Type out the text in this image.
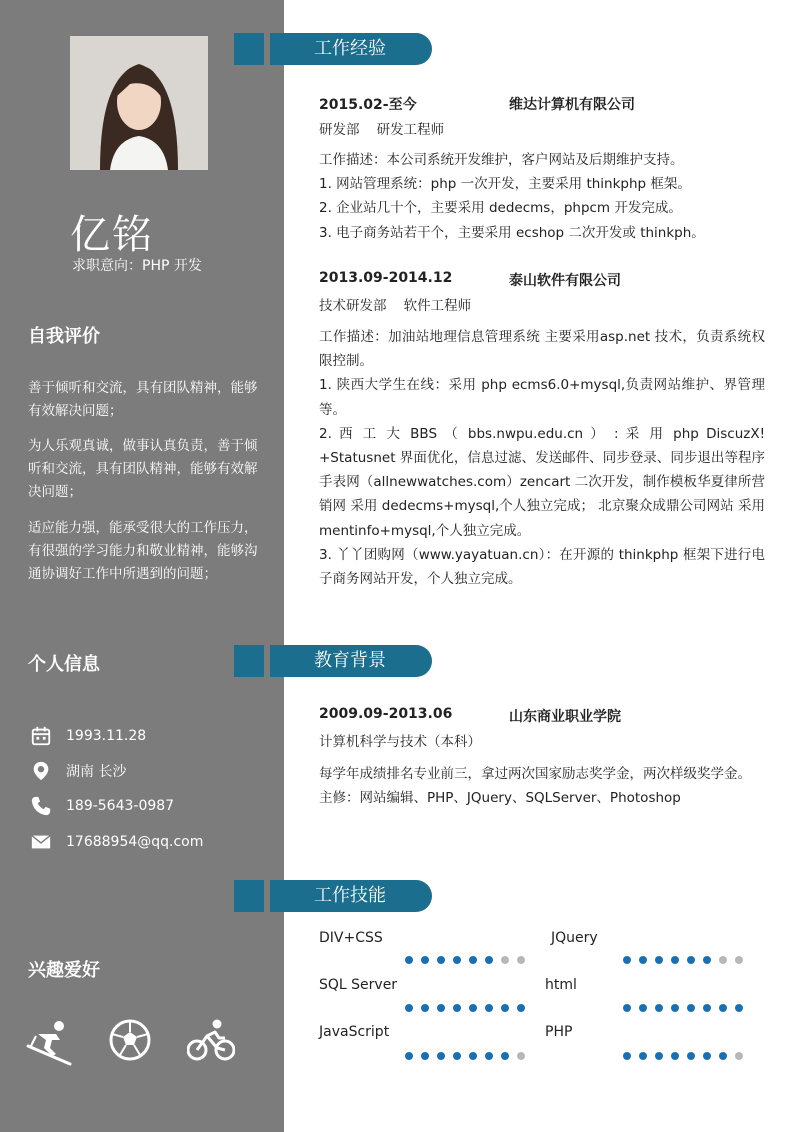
亿铭
求职意向：PHP 开发
自我评价
善于倾听和交流，具有团队精神，能够有效解决问题；
为人乐观真诚，做事认真负责，善于倾听和交流，具有团队精神，能够有效解决问题；
适应能力强，能承受很大的工作压力，有很强的学习能力和敬业精神，能够沟通协调好工作中所遇到的问题；
个人信息
1993.11.28
湖南 长沙
189-5643-0987
17688954@qq.com
兴趣爱好
工作经验
2015.02-至今	维达计算机有限公司
研发部    研发工程师

工作描述：本公司系统开发维护，客户网站及后期维护支持。

1. 网站管理系统：php 一次开发，主要采用 thinkphp 框架。

2. 企业站几十个，主要采用 dedecms，phpcm 开发完成。

3. 电子商务站若干个，主要采用 ecshop 二次开发或 thinkph。

2013.09-2014.12	泰山软件有限公司
技术研发部    软件工程师

工作描述：加油站地理信息管理系统 主要采用asp.net 技术，负责系统权限控制。

1. 陕西大学生在线：采用 php ecms6.0+mysql,负责网站维护、界管理等。

2. 西 工 大 BBS （ bbs.nwpu.edu.cn ） : 采 用 php DiscuzX! +Statusnet 界面优化，信息过滤、发送邮件、同步登录、同步退出等程序手表网（allnewwatches.com）zencart 二次开发，制作模板华夏律所营销网 采用 dedecms+mysql,个人独立完成； 北京聚众成鼎公司网站 采用 mentinfo+mysql,个人独立完成。

3. 丫丫团购网（www.yayatuan.cn）：在开源的 thinkphp 框架下进行电子商务网站开发，个人独立完成。

教育背景
2009.09-2013.06	山东商业职业学院
计算机科学与技术（本科）

每学年成绩排名专业前三，拿过两次国家励志奖学金，两次样级奖学金。

主修：网站编辑、PHP、JQuery、SQLServer、Photoshop

工作技能
DIV+CSS	JQuery
SQL Server	html
JavaScript	PHP
